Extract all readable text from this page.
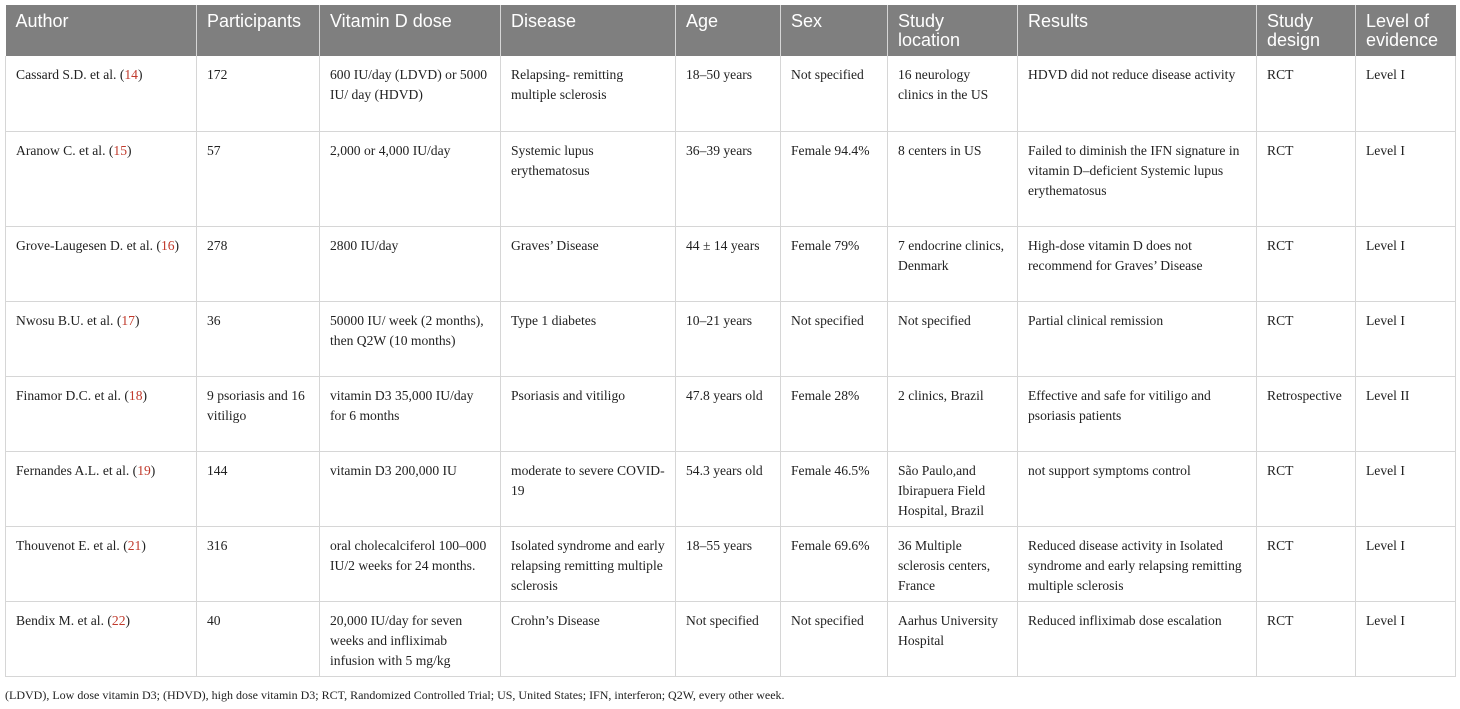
Author	Participants	Vitamin D dose	Disease	Age	Sex	Study location	Results	Study design	Level of evidence
Cassard S.D. et al. (14)	172	600 IU/day (LDVD) or 5000 IU/ day (HDVD)	Relapsing- remitting multiple sclerosis	18–50 years	Not specified	16 neurology clinics in the US	HDVD did not reduce disease activity	RCT	Level I
Aranow C. et al. (15)	57	2,000 or 4,000 IU/day	Systemic lupus erythematosus	36–39 years	Female 94.4%	8 centers in US	Failed to diminish the IFN signature in vitamin D–deficient Systemic lupus erythematosus	RCT	Level I
Grove-Laugesen D. et al. (16)	278	2800 IU/day	Graves’ Disease	44 ± 14 years	Female 79%	7 endocrine clinics, Denmark	High-dose vitamin D does not recommend for Graves’ Disease	RCT	Level I
Nwosu B.U. et al. (17)	36	50000 IU/ week (2 months), then Q2W (10 months)	Type 1 diabetes	10–21 years	Not specified	Not specified	Partial clinical remission	RCT	Level I
Finamor D.C. et al. (18)	9 psoriasis and 16 vitiligo	vitamin D3 35,000 IU/day for 6 months	Psoriasis and vitiligo	47.8 years old	Female 28%	2 clinics, Brazil	Effective and safe for vitiligo and psoriasis patients	Retrospective	Level II
Fernandes A.L. et al. (19)	144	vitamin D3 200,000 IU	moderate to severe COVID-19	54.3 years old	Female 46.5%	São Paulo,and Ibirapuera Field Hospital, Brazil	not support symptoms control	RCT	Level I
Thouvenot E. et al. (21)	316	oral cholecalciferol 100–000 IU/2 weeks for 24 months.	Isolated syndrome and early relapsing remitting multiple sclerosis	18–55 years	Female 69.6%	36 Multiple sclerosis centers, France	Reduced disease activity in Isolated syndrome and early relapsing remitting multiple sclerosis	RCT	Level I
Bendix M. et al. (22)	40	20,000 IU/day for seven weeks and infliximab infusion with 5 mg/kg	Crohn’s Disease	Not specified	Not specified	Aarhus University Hospital	Reduced infliximab dose escalation	RCT	Level I
(LDVD), Low dose vitamin D3; (HDVD), high dose vitamin D3; RCT, Randomized Controlled Trial; US, United States; IFN, interferon; Q2W, every other week.
